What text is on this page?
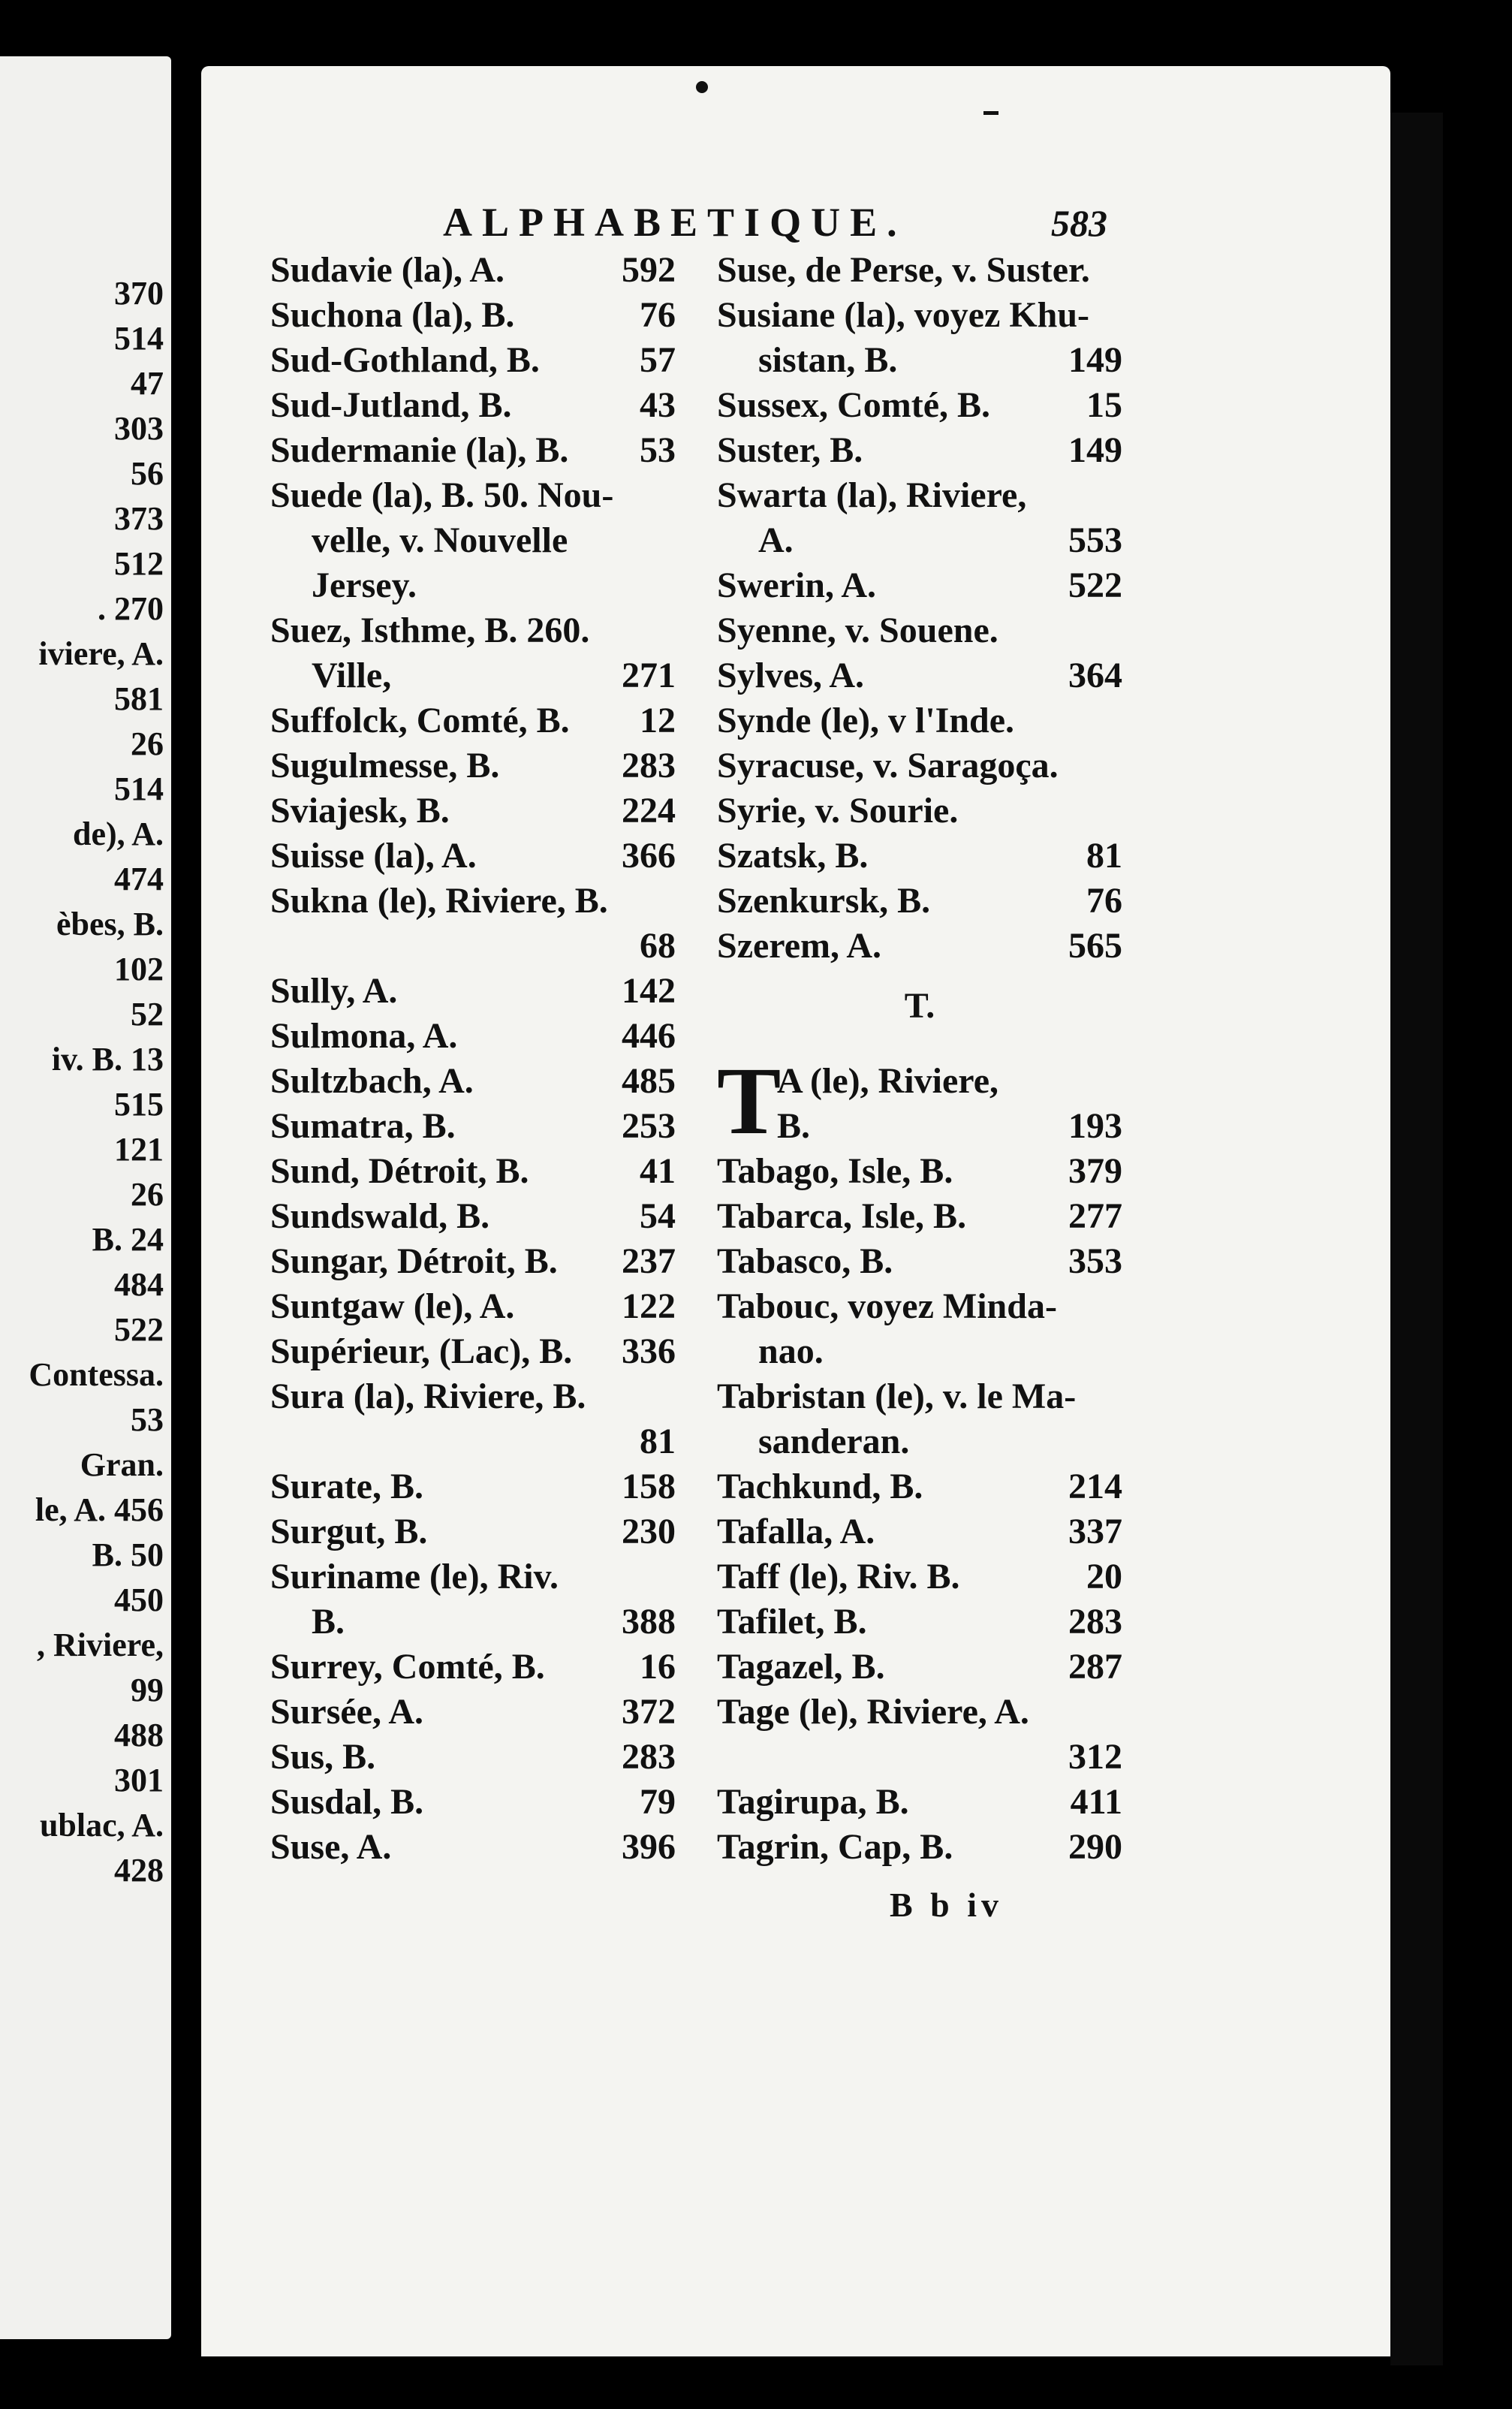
370
514
47
303
56
373
512
. 270
iviere, A.
581
26
514
de), A.
474
èbes, B.
102
52
iv. B. 13
515
121
26
B. 24
484
522
Contessa.
53
Gran.
le, A. 456
B. 50
450
, Riviere,
99
488
301
ublac, A.
428
ALPHABETIQUE.	583
Sudavie (la), A.	592
Suchona (la), B.	76
Sud-Gothland, B.	57
Sud-Jutland, B.	43
Sudermanie (la), B. 53
Suede (la), B. 50. Nou-
velle, v. Nouvelle
Jersey.
Suez, Isthme, B. 260.
Ville,	271
Suffolck, Comté, B. 12
Sugulmesse, B.	283
Sviajesk, B.	224
Suisse (la), A.	366
Sukna (le), Riviere, B.
68
Sully, A.	142
Sulmona, A.	446
Sultzbach, A.	485
Sumatra, B.	253
Sund, Détroit, B.	41
Sundswald, B.	54
Sungar, Détroit, B. 237
Suntgaw (le), A.	122
Supérieur, (Lac), B. 336
Sura (la), Riviere, B.
81
Surate, B.	158
Surgut, B.	230
Suriname (le), Riv.
B.	388
Surrey, Comté, B.	16
Sursée, A.	372
Sus, B.	283
Susdal, B.	79
Suse, A.	396
Suse, de Perse, v. Suster.
Susiane (la), voyez Khu-
sistan, B.	149
Sussex, Comté, B.	15
Suster, B.	149
Swarta (la), Riviere,
A.	553
Swerin, A.	522
Syenne, v. Souene.
Sylves, A.	364
Synde (le), v l'Inde.
Syracuse, v. Saragoça.
Syrie, v. Sourie.
Szatsk, B.	81
Szenkursk, B.	76
Szerem, A.	565
T.
T
A (le), Riviere,
B.	193
Tabago, Isle, B.	379
Tabarca, Isle, B.	277
Tabasco, B.	353
Tabouc, voyez Minda-
nao.
Tabristan (le), v. le Ma-
sanderan.
Tachkund, B.	214
Tafalla, A.	337
Taff (le), Riv. B.	20
Tafilet, B.	283
Tagazel, B.	287
Tage (le), Riviere, A.
312
Tagirupa, B.	411
Tagrin, Cap, B.	290
B b iv
